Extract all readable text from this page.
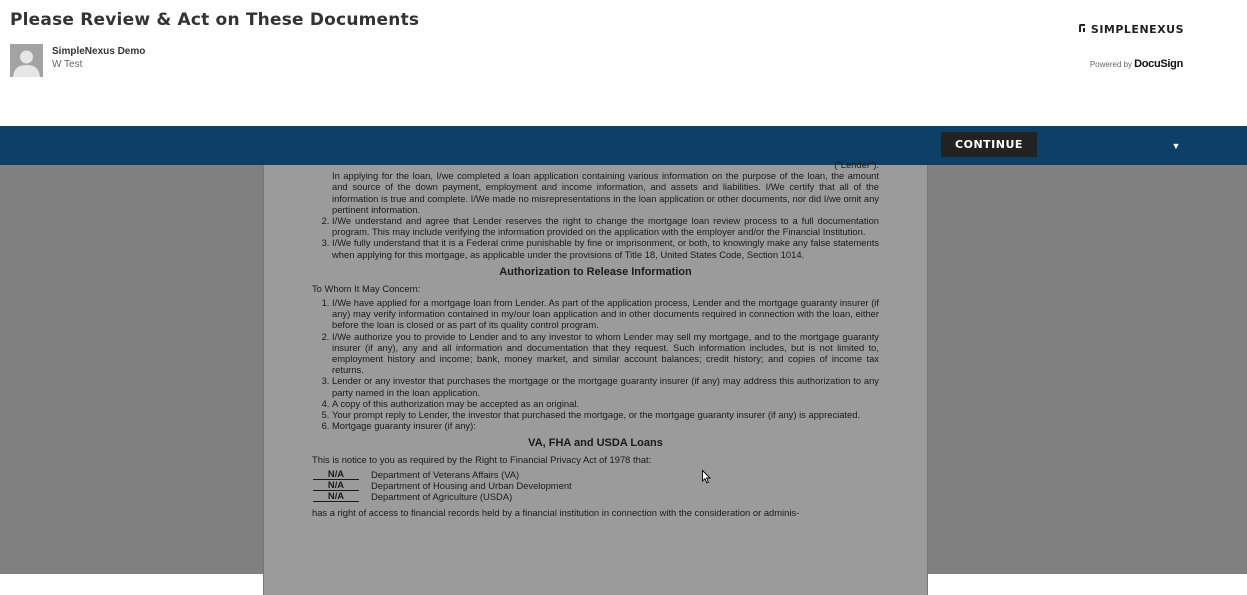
Please Review & Act on These Documents
SimpleNexus Demo
W Test
SIMPLENEXUS
Powered by DocuSign
CONTINUE	▼

("Lender").

In applying for the loan, I/we completed a loan application containing various information on the purpose of the loan, the amount and source of the down payment, employment and income information, and assets and liabilities. I/We certify that all of the information is true and complete. I/We made no misrepresentations in the loan application or other documents, nor did I/we omit any pertinent information.

2. I/We understand and agree that Lender reserves the right to change the mortgage loan review process to a full documentation program. This may include verifying the information provided on the application with the employer and/or the Financial Institution.
3. I/We fully understand that it is a Federal crime punishable by fine or imprisonment, or both, to knowingly make any false statements when applying for this mortgage, as applicable under the provisions of Title 18, United States Code, Section 1014.

Authorization to Release Information

To Whom It May Concern:

1. I/We have applied for a mortgage loan from Lender. As part of the application process, Lender and the mortgage guaranty insurer (if any) may verify information contained in my/our loan application and in other documents required in connection with the loan, either before the loan is closed or as part of its quality control program.
2. I/We authorize you to provide to Lender and to any investor to whom Lender may sell my mortgage, and to the mortgage guaranty insurer (if any), any and all information and documentation that they request. Such information includes, but is not limited to, employment history and income; bank, money market, and similar account balances; credit history; and copies of income tax returns.
3. Lender or any investor that purchases the mortgage or the mortgage guaranty insurer (if any) may address this authorization to any party named in the loan application.
4. A copy of this authorization may be accepted as an original.
5. Your prompt reply to Lender, the investor that purchased the mortgage, or the mortgage guaranty insurer (if any) is appreciated.
6. Mortgage guaranty insurer (if any):

VA, FHA and USDA Loans

This is notice to you as required by the Right to Financial Privacy Act of 1978 that:

N/A	Department of Veterans Affairs (VA)
N/A	Department of Housing and Urban Development
N/A	Department of Agriculture (USDA)

has a right of access to financial records held by a financial institution in connection with the consideration or adminis-
